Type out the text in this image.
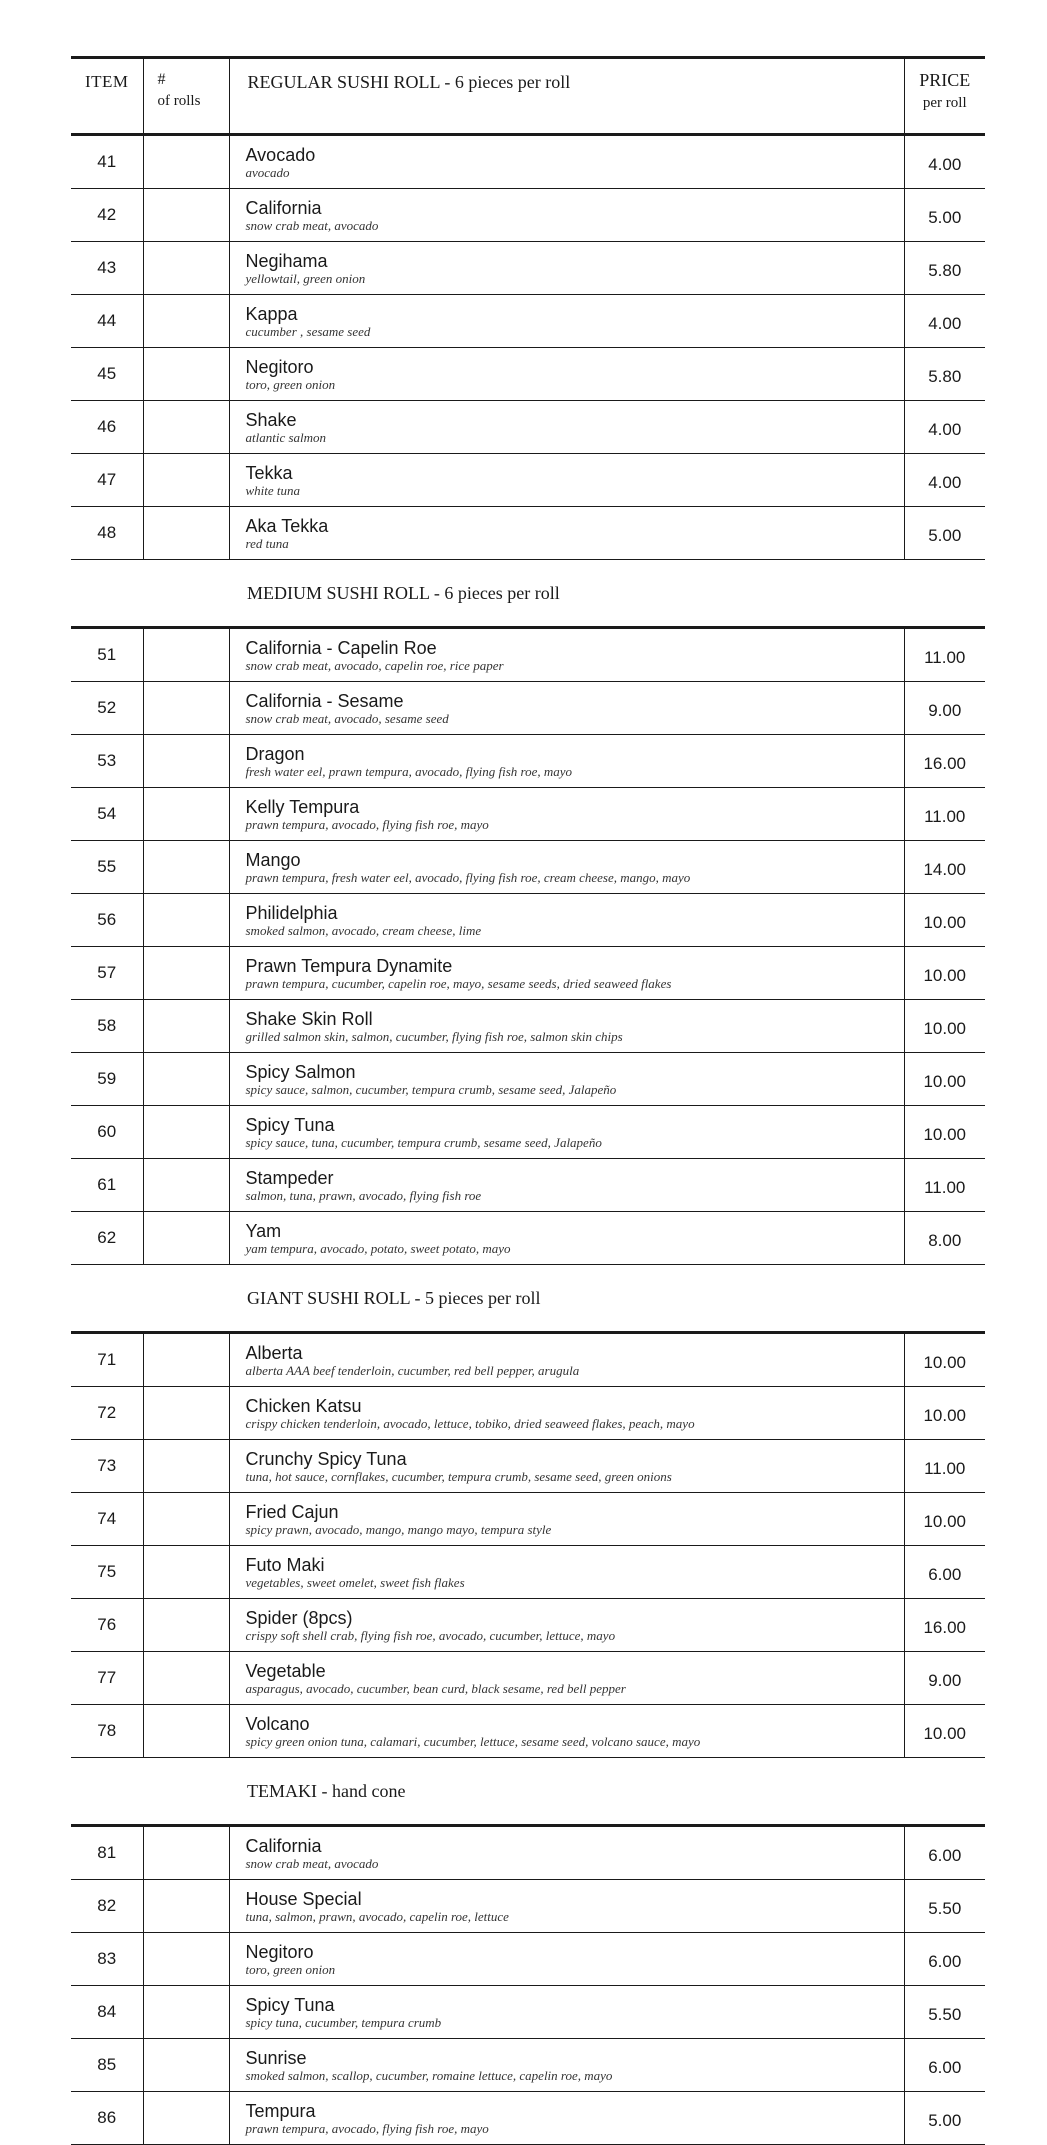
ITEM	#
of rolls	REGULAR SUSHI ROLL - 6 pieces per roll	PRICE
per roll

41		Avocado
avocado	4.00
42		California
snow crab meat, avocado	5.00
43		Negihama
yellowtail, green onion	5.80
44		Kappa
cucumber , sesame seed	4.00
45		Negitoro
toro, green onion	5.80
46		Shake
atlantic salmon	4.00
47		Tekka
white tuna	4.00
48		Aka Tekka
red tuna	5.00
		MEDIUM SUSHI ROLL - 6 pieces per roll	
51		California - Capelin Roe
snow crab meat, avocado, capelin roe, rice paper	11.00
52		California - Sesame
snow crab meat, avocado, sesame seed	9.00
53		Dragon
fresh water eel, prawn tempura, avocado, flying fish roe, mayo	16.00
54		Kelly Tempura
prawn tempura, avocado, flying fish roe, mayo	11.00
55		Mango
prawn tempura, fresh water eel, avocado, flying fish roe, cream cheese, mango, mayo	14.00
56		Philidelphia
smoked salmon, avocado, cream cheese, lime	10.00
57		Prawn Tempura Dynamite
prawn tempura, cucumber, capelin roe, mayo, sesame seeds, dried seaweed flakes	10.00
58		Shake Skin Roll
grilled salmon skin, salmon, cucumber, flying fish roe, salmon skin chips	10.00
59		Spicy Salmon
spicy sauce, salmon, cucumber, tempura crumb, sesame seed, Jalapeño	10.00
60		Spicy Tuna
spicy sauce, tuna, cucumber, tempura crumb, sesame seed, Jalapeño	10.00
61		Stampeder
salmon, tuna, prawn, avocado, flying fish roe	11.00
62		Yam
yam tempura, avocado, potato, sweet potato, mayo	8.00
		GIANT SUSHI ROLL - 5 pieces per roll	
71		Alberta
alberta AAA beef tenderloin, cucumber, red bell pepper, arugula	10.00
72		Chicken Katsu
crispy chicken tenderloin, avocado, lettuce, tobiko, dried seaweed flakes, peach, mayo	10.00
73		Crunchy Spicy Tuna
tuna, hot sauce, cornflakes, cucumber, tempura crumb, sesame seed, green onions	11.00
74		Fried Cajun
spicy prawn, avocado, mango, mango mayo, tempura style	10.00
75		Futo Maki
vegetables, sweet omelet, sweet fish flakes	6.00
76		Spider (8pcs)
crispy soft shell crab, flying fish roe, avocado, cucumber, lettuce, mayo	16.00
77		Vegetable
asparagus, avocado, cucumber, bean curd, black sesame, red bell pepper	9.00
78		Volcano
spicy green onion tuna, calamari, cucumber, lettuce, sesame seed, volcano sauce, mayo	10.00
		TEMAKI - hand cone	
81		California
snow crab meat, avocado	6.00
82		House Special
tuna, salmon, prawn, avocado, capelin roe, lettuce	5.50
83		Negitoro
toro, green onion	6.00
84		Spicy Tuna
spicy tuna, cucumber, tempura crumb	5.50
85		Sunrise
smoked salmon, scallop, cucumber, romaine lettuce, capelin roe, mayo	6.00
86		Tempura
prawn tempura, avocado, flying fish roe, mayo	5.00
